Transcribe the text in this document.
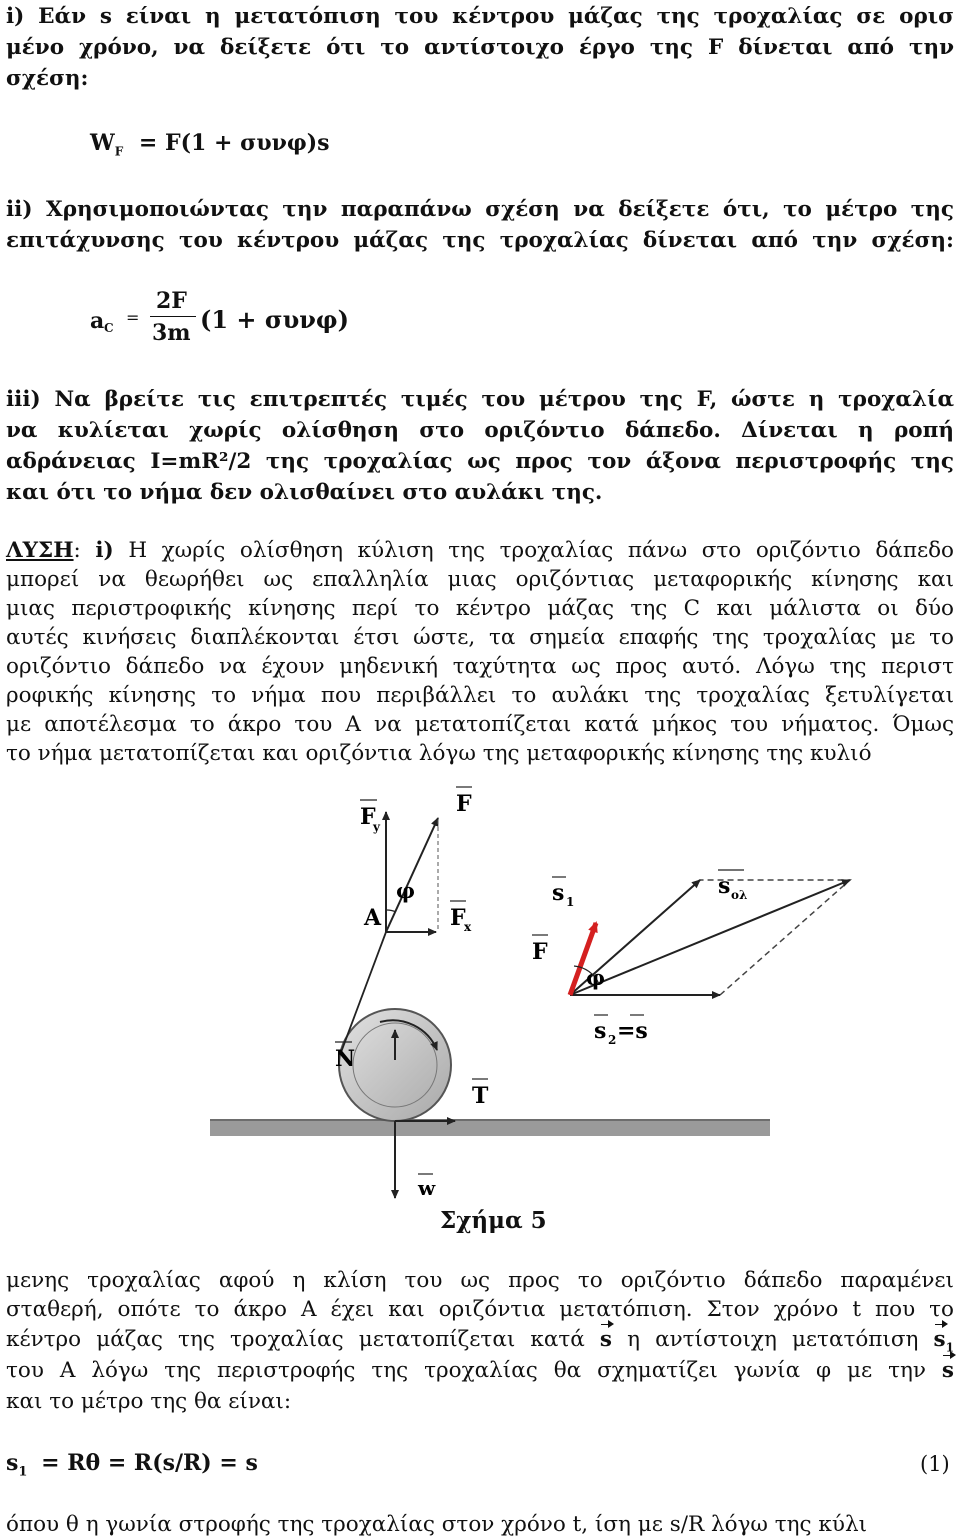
i) Εάν s είναι η μετατόπιση του κέντρου μάζας της τροχαλίας σε ορισ
μένο χρόνο, να δείξετε ότι το αντίστοιχο έργο της F δίνεται από την
σχέση:
$W_F = F(1 + \sigma\upsilon\nu\varphi)s$
ii) Χρησιμοποιώντας την παραπάνω σχέση να δείξετε ότι, το μέτρο της
επιτάχυνσης του κέντρου μάζας της τροχαλίας δίνεται από την σχέση:
a C
=
2F
3m (1 + συνφ)
iii) Να βρείτε τις επιτρεπτές τιμές του μέτρου της F, ώστε η τροχαλία
να κυλίεται χωρίς ολίσθηση στο οριζόντιο δάπεδο. Δίνεται η ροπή
αδράνειας I=mR²/2 της τροχαλίας ως προς τον άξονα περιστροφής της
και ότι το νήμα δεν ολισθαίνει στο αυλάκι της.
ΛΥΣΗ: i) Η χωρίς ολίσθηση κύλιση της τροχαλίας πάνω στο οριζόντιο δάπεδο
μπορεί να θεωρήθει ως επαλληλία μιας οριζόντιας μεταφορικής κίνησης και
μιας περιστροφικής κίνησης περί το κέντρο μάζας της C και μάλιστα οι δύο
αυτές κινήσεις διαπλέκονται έτσι ώστε, τα σημεία επαφής της τροχαλίας με το
οριζόντιο δάπεδο να έχουν μηδενική ταχύτητα ως προς αυτό. Λόγω της περιστ
ροφικής κίνησης το νήμα που περιβάλλει το αυλάκι της τροχαλίας ξετυλίγεται
με αποτέλεσμα το άκρο του Α να μετατοπίζεται κατά μήκος του νήματος. Όμως
το νήμα μετατοπίζεται και οριζόντια λόγω της μεταφορικής κίνησης της κυλιό
F
y
F
A
φ
F
x
N
T
w
s 1
s ολ
F
φ
s 2 =s
Σχήμα 5
μενης τροχαλίας αφού η κλίση του ως προς το οριζόντιο δάπεδο παραμένει
σταθερή, οπότε το άκρο Α έχει και οριζόντια μετατόπιση. Στον χρόνο t που το
κέντρο μάζας της τροχαλίας μετατοπίζεται κατά s η αντίστοιχη μετατόπιση $s_1$
του Α λόγω της περιστροφής της τροχαλίας θα σχηματίζει γωνία φ με την s
και το μέτρο της θα είναι:
$s_1 = R\theta = R(s/R) = s$	(1)
όπου θ η γωνία στροφής της τροχαλίας στον χρόνο t, ίση με s/R λόγω της κύλι
